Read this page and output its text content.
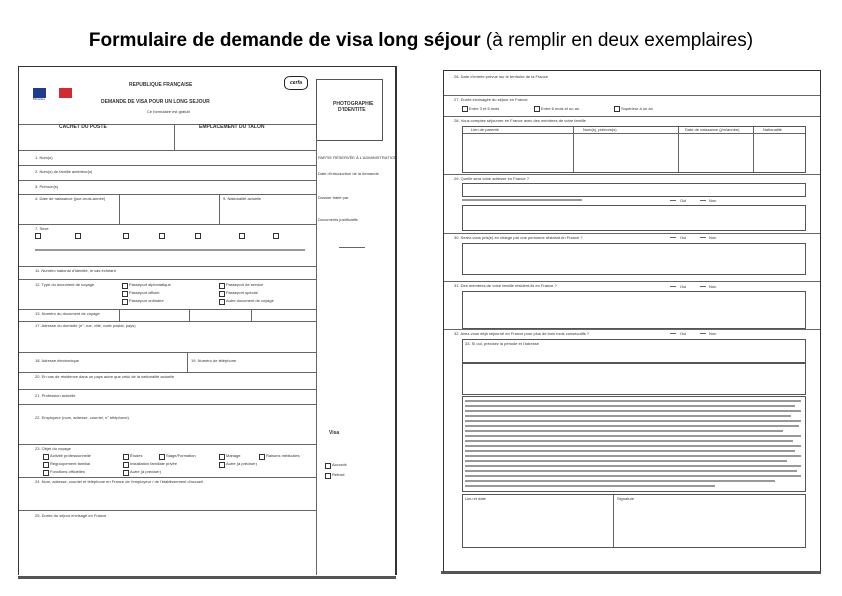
Formulaire de demande de visa long séjour (à remplir en deux exemplaires)
Ministère
REPUBLIQUE FRANÇAISE
DEMANDE DE VISA POUR UN LONG SEJOUR
Ce formulaire est gratuit
cerfa
PHOTOGRAPHIE
D'IDENTITE
CACHET DU POSTE	EMPLACEMENT DU TALON
1. Nom(s)
2. Nom(s) de famille antérieur(s)
3. Prénom(s)
4. Date de naissance (jour-mois-année)	9. Nationalité actuelle
7. Sexe
11. Numéro national d'identité, le cas échéant
12. Type du document de voyage	Passeport diplomatique	Passeport de service
Passeport officiel	Passeport spécial
Passeport ordinaire	Autre document de voyage
13. Numéro du document de voyage
17. Adresse du domicile (n°, rue, ville, code postal, pays)
18. Adresse électronique	19. Numéro de téléphone
20. En cas de résidence dans un pays autre que celui de la nationalité actuelle
21. Profession actuelle
22. Employeur (nom, adresse, courriel, n° téléphone)
23. Objet du voyage
Activité professionnelle	Études	Stage/Formation	Mariage	Raisons médicales
Regroupement familial	Installation familiale privée	Autre (à préciser)
Fonctions officielles	Autre (à préciser)
24. Nom, adresse, courriel et téléphone en France de l'employeur / de l'établissement d'accueil
25. Durée du séjour envisagé en France
PARTIE RÉSERVÉE À L'ADMINISTRATION
Date d'introduction de la demande
Dossier traité par
Documents justificatifs
Visa
Accordé
Refusé
26. Date d'entrée prévue sur le territoire de la France
27. Durée envisagée du séjour en France
Entre 3 et 6 mois	Entre 6 mois et un an	Supérieur à un an
28. Vous comptez séjourner en France avec des membres de votre famille
Lien de parenté	Nom(s), prénom(s)	Date de naissance (j/m/année)	Nationalité
29. Quelle sera votre adresse en France ?
Oui	Non
30. Serez-vous pris(e) en charge par une personne résidant en France ?	Oui	Non
31. Des membres de votre famille résident-ils en France ?	Oui	Non
32. Avez-vous déjà séjourné en France pour plus de trois mois consécutifs ?	Oui	Non
33. Si oui, précisez la période et l'adresse
Lieu et date	Signature
